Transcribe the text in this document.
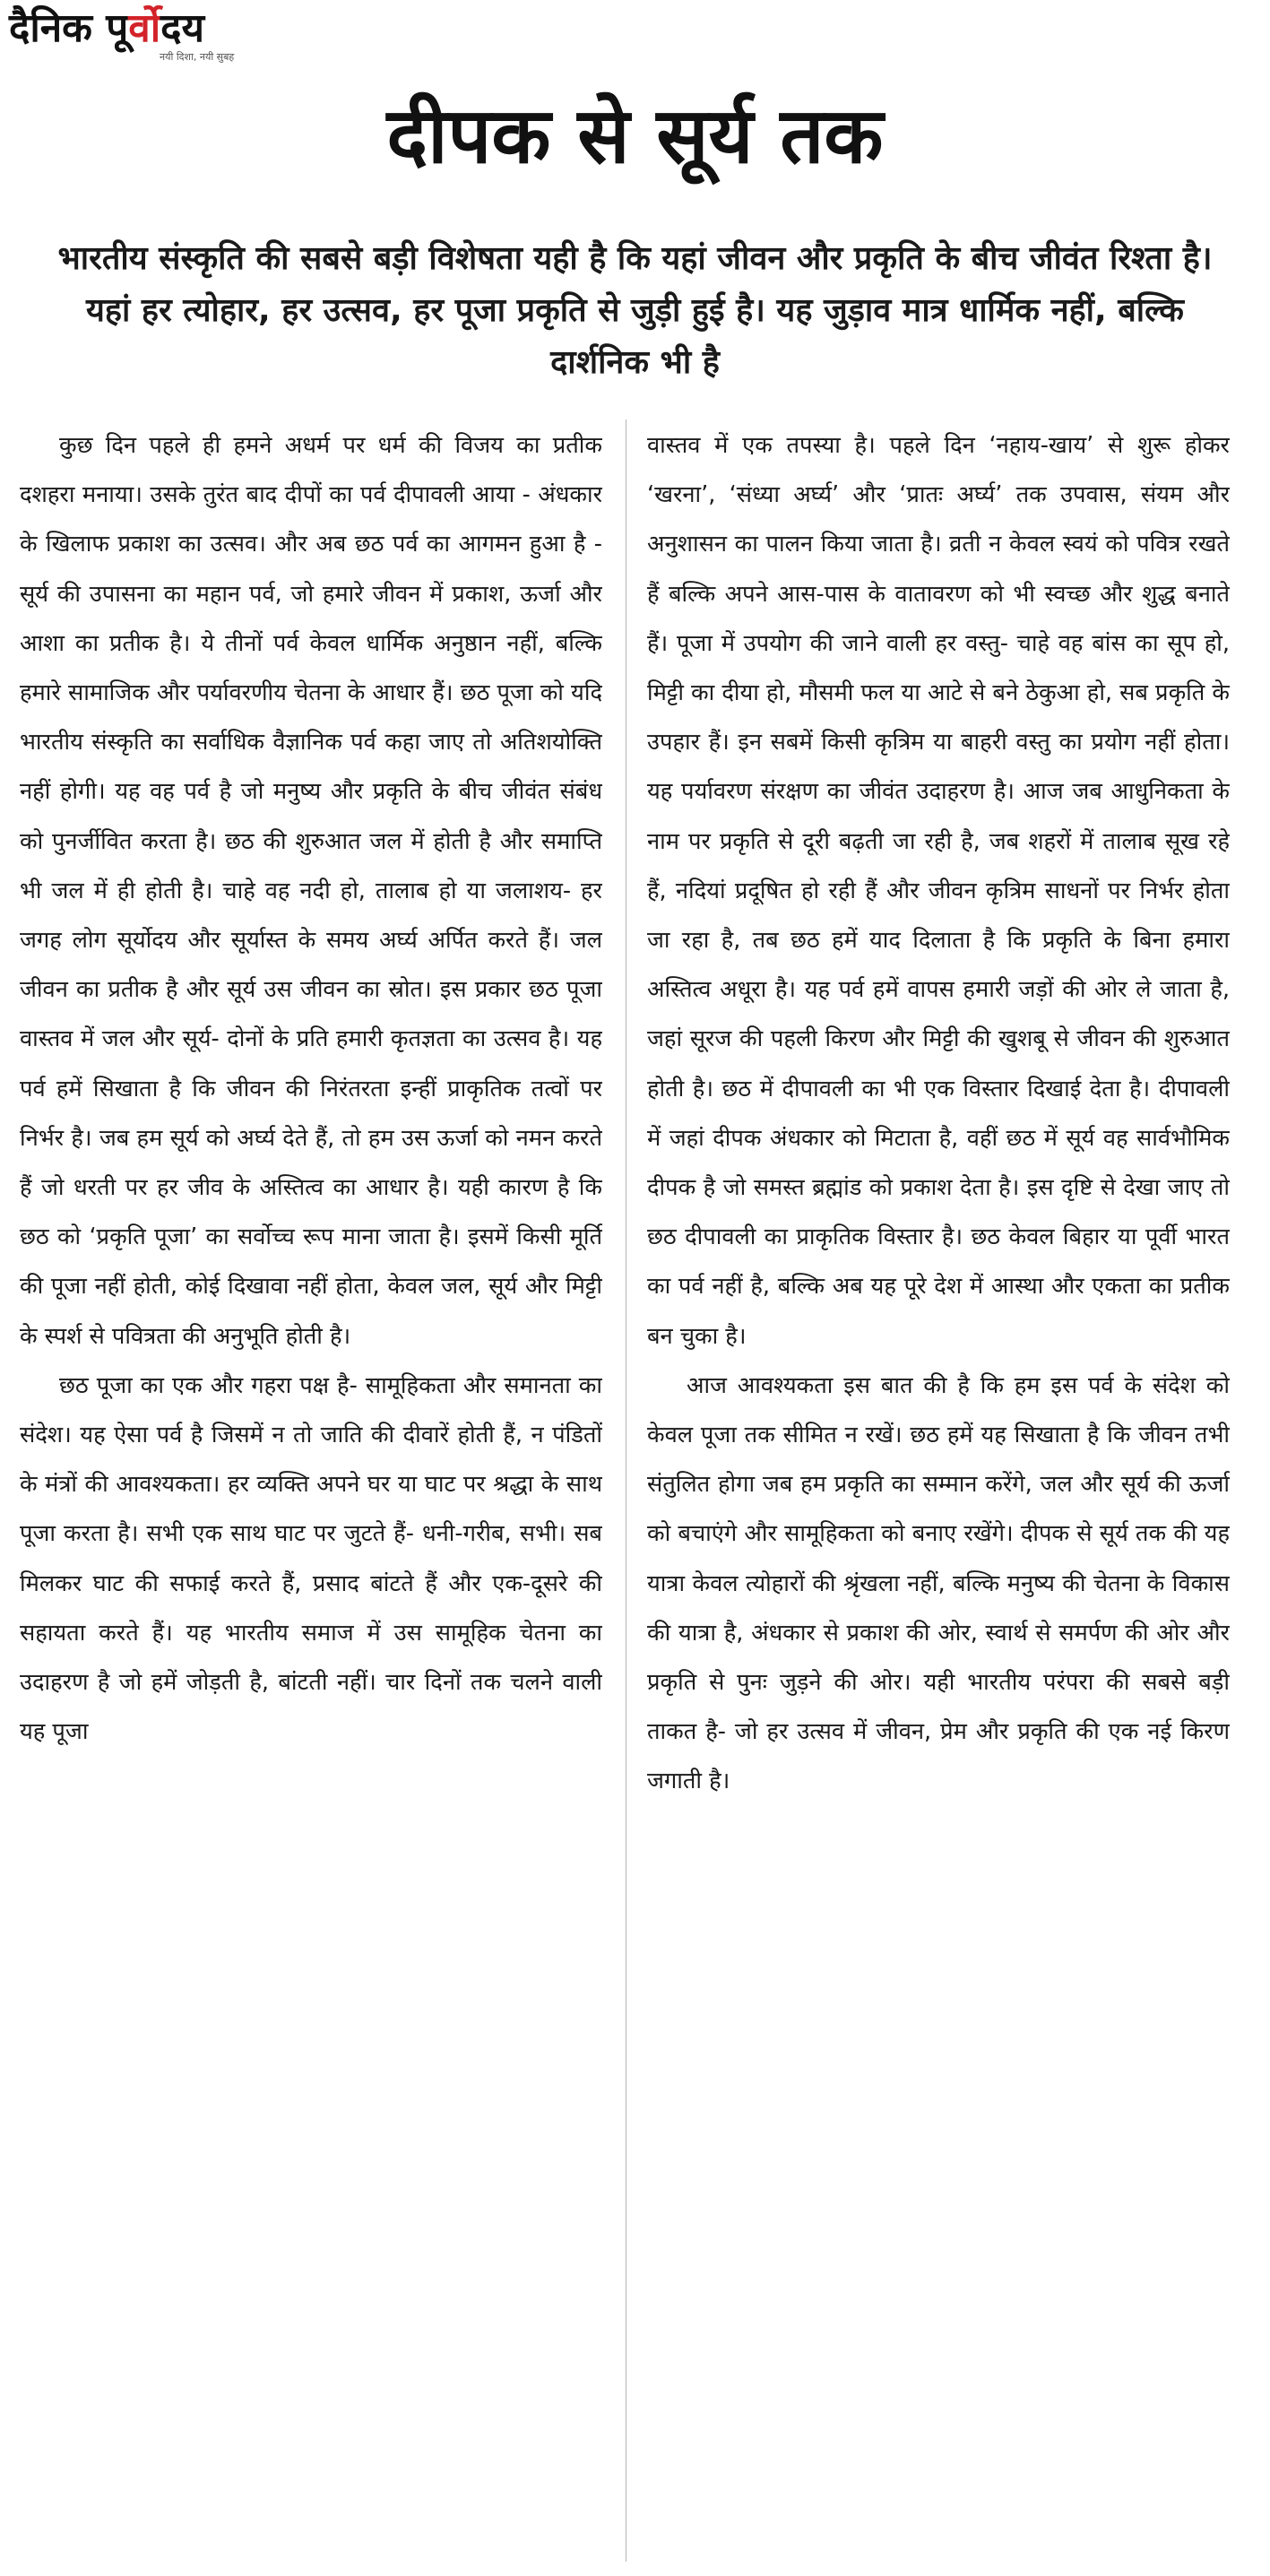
दैनिक पूर्वोदय
नयी दिशा, नयी सुबह
दीपक से सूर्य तक
भारतीय संस्कृति की सबसे बड़ी विशेषता यही है कि यहां जीवन और प्रकृति के बीच जीवंत रिश्ता है। यहां हर त्योहार, हर उत्सव, हर पूजा प्रकृति से जुड़ी हुई है। यह जुड़ाव मात्र धार्मिक नहीं, बल्कि दार्शनिक भी है

कुछ दिन पहले ही हमने अधर्म पर धर्म की विजय का प्रतीक दशहरा मनाया। उसके तुरंत बाद दीपों का पर्व दीपावली आया - अंधकार के खिलाफ प्रकाश का उत्सव। और अब छठ पर्व का आगमन हुआ है - सूर्य की उपासना का महान पर्व, जो हमारे जीवन में प्रकाश, ऊर्जा और आशा का प्रतीक है। ये तीनों पर्व केवल धार्मिक अनुष्ठान नहीं, बल्कि हमारे सामाजिक और पर्यावरणीय चेतना के आधार हैं। छठ पूजा को यदि भारतीय संस्कृति का सर्वाधिक वैज्ञानिक पर्व कहा जाए तो अतिशयोक्ति नहीं होगी। यह वह पर्व है जो मनुष्य और प्रकृति के बीच जीवंत संबंध को पुनर्जीवित करता है। छठ की शुरुआत जल में होती है और समाप्ति भी जल में ही होती है। चाहे वह नदी हो, तालाब हो या जलाशय- हर जगह लोग सूर्योदय और सूर्यास्त के समय अर्घ्य अर्पित करते हैं। जल जीवन का प्रतीक है और सूर्य उस जीवन का स्रोत। इस प्रकार छठ पूजा वास्तव में जल और सूर्य- दोनों के प्रति हमारी कृतज्ञता का उत्सव है। यह पर्व हमें सिखाता है कि जीवन की निरंतरता इन्हीं प्राकृतिक तत्वों पर निर्भर है। जब हम सूर्य को अर्घ्य देते हैं, तो हम उस ऊर्जा को नमन करते हैं जो धरती पर हर जीव के अस्तित्व का आधार है। यही कारण है कि छठ को ‘प्रकृति पूजा’ का सर्वोच्च रूप माना जाता है। इसमें किसी मूर्ति की पूजा नहीं होती, कोई दिखावा नहीं होता, केवल जल, सूर्य और मिट्टी के स्पर्श से पवित्रता की अनुभूति होती है।

छठ पूजा का एक और गहरा पक्ष है- सामूहिकता और समानता का संदेश। यह ऐसा पर्व है जिसमें न तो जाति की दीवारें होती हैं, न पंडितों के मंत्रों की आवश्यकता। हर व्यक्ति अपने घर या घाट पर श्रद्धा के साथ पूजा करता है। सभी एक साथ घाट पर जुटते हैं- धनी-गरीब, सभी। सब मिलकर घाट की सफाई करते हैं, प्रसाद बांटते हैं और एक-दूसरे की सहायता करते हैं। यह भारतीय समाज में उस सामूहिक चेतना का उदाहरण है जो हमें जोड़ती है, बांटती नहीं। चार दिनों तक चलने वाली यह पूजा

वास्तव में एक तपस्या है। पहले दिन ‘नहाय-खाय’ से शुरू होकर ‘खरना’, ‘संध्या अर्घ्य’ और ‘प्रातः अर्घ्य’ तक उपवास, संयम और अनुशासन का पालन किया जाता है। व्रती न केवल स्वयं को पवित्र रखते हैं बल्कि अपने आस-पास के वातावरण को भी स्वच्छ और शुद्ध बनाते हैं। पूजा में उपयोग की जाने वाली हर वस्तु- चाहे वह बांस का सूप हो, मिट्टी का दीया हो, मौसमी फल या आटे से बने ठेकुआ हो, सब प्रकृति के उपहार हैं। इन सबमें किसी कृत्रिम या बाहरी वस्तु का प्रयोग नहीं होता। यह पर्यावरण संरक्षण का जीवंत उदाहरण है। आज जब आधुनिकता के नाम पर प्रकृति से दूरी बढ़ती जा रही है, जब शहरों में तालाब सूख रहे हैं, नदियां प्रदूषित हो रही हैं और जीवन कृत्रिम साधनों पर निर्भर होता जा रहा है, तब छठ हमें याद दिलाता है कि प्रकृति के बिना हमारा अस्तित्व अधूरा है। यह पर्व हमें वापस हमारी जड़ों की ओर ले जाता है, जहां सूरज की पहली किरण और मिट्टी की खुशबू से जीवन की शुरुआत होती है। छठ में दीपावली का भी एक विस्तार दिखाई देता है। दीपावली में जहां दीपक अंधकार को मिटाता है, वहीं छठ में सूर्य वह सार्वभौमिक दीपक है जो समस्त ब्रह्मांड को प्रकाश देता है। इस दृष्टि से देखा जाए तो छठ दीपावली का प्राकृतिक विस्तार है। छठ केवल बिहार या पूर्वी भारत का पर्व नहीं है, बल्कि अब यह पूरे देश में आस्था और एकता का प्रतीक बन चुका है।

आज आवश्यकता इस बात की है कि हम इस पर्व के संदेश को केवल पूजा तक सीमित न रखें। छठ हमें यह सिखाता है कि जीवन तभी संतुलित होगा जब हम प्रकृति का सम्मान करेंगे, जल और सूर्य की ऊर्जा को बचाएंगे और सामूहिकता को बनाए रखेंगे। दीपक से सूर्य तक की यह यात्रा केवल त्योहारों की श्रृंखला नहीं, बल्कि मनुष्य की चेतना के विकास की यात्रा है, अंधकार से प्रकाश की ओर, स्वार्थ से समर्पण की ओर और प्रकृति से पुनः जुड़ने की ओर। यही भारतीय परंपरा की सबसे बड़ी ताकत है- जो हर उत्सव में जीवन, प्रेम और प्रकृति की एक नई किरण जगाती है।
